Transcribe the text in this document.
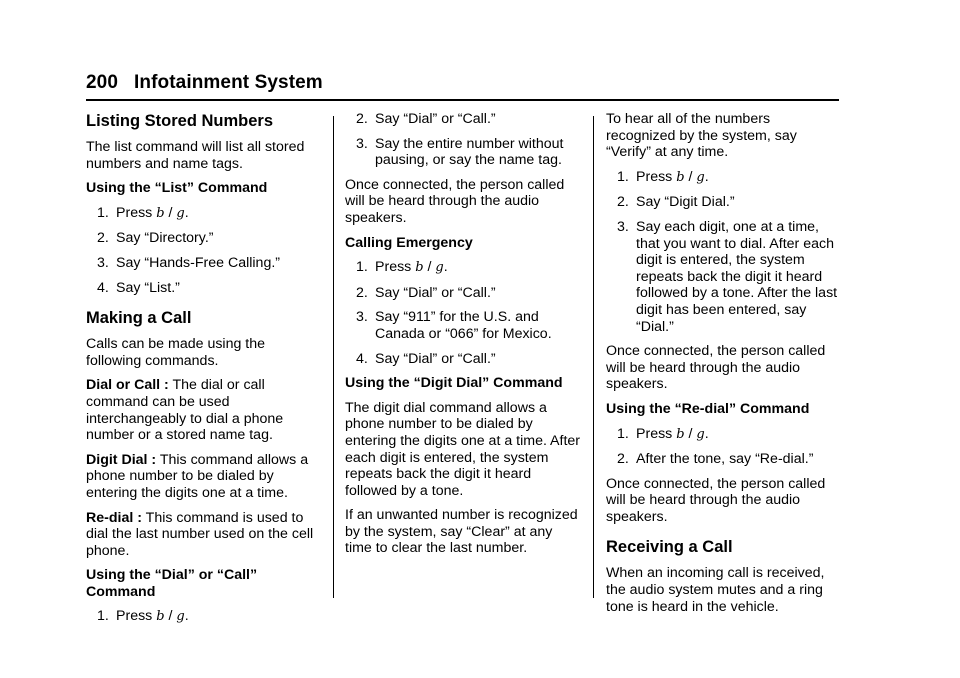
200 Infotainment System
Listing Stored Numbers

The list command will list all stored numbers and name tags.

Using the “List” Command

1. Press b / g.
2. Say “Directory.”
3. Say “Hands-Free Calling.”
4. Say “List.”
Making a Call

Calls can be made using the following commands.

Dial or Call : The dial or call command can be used interchangeably to dial a phone number or a stored name tag.

Digit Dial : This command allows a phone number to be dialed by entering the digits one at a time.

Re-dial : This command is used to dial the last number used on the cell phone.

Using the “Dial” or “Call” Command

1. Press b / g.
2. Say “Dial” or “Call.”
3. Say the entire number without pausing, or say the name tag.

Once connected, the person called will be heard through the audio speakers.

Calling Emergency

1. Press b / g.
2. Say “Dial” or “Call.”
3. Say “911” for the U.S. and Canada or “066” for Mexico.
4. Say “Dial” or “Call.”

Using the “Digit Dial” Command

The digit dial command allows a phone number to be dialed by entering the digits one at a time. After each digit is entered, the system repeats back the digit it heard followed by a tone.

If an unwanted number is recognized by the system, say “Clear” at any time to clear the last number.

To hear all of the numbers recognized by the system, say “Verify” at any time.

1. Press b / g.
2. Say “Digit Dial.”
3. Say each digit, one at a time, that you want to dial. After each digit is entered, the system repeats back the digit it heard followed by a tone. After the last digit has been entered, say “Dial.”

Once connected, the person called will be heard through the audio speakers.

Using the “Re-dial” Command

1. Press b / g.
2. After the tone, say “Re-dial.”

Once connected, the person called will be heard through the audio speakers.

Receiving a Call

When an incoming call is received, the audio system mutes and a ring tone is heard in the vehicle.
